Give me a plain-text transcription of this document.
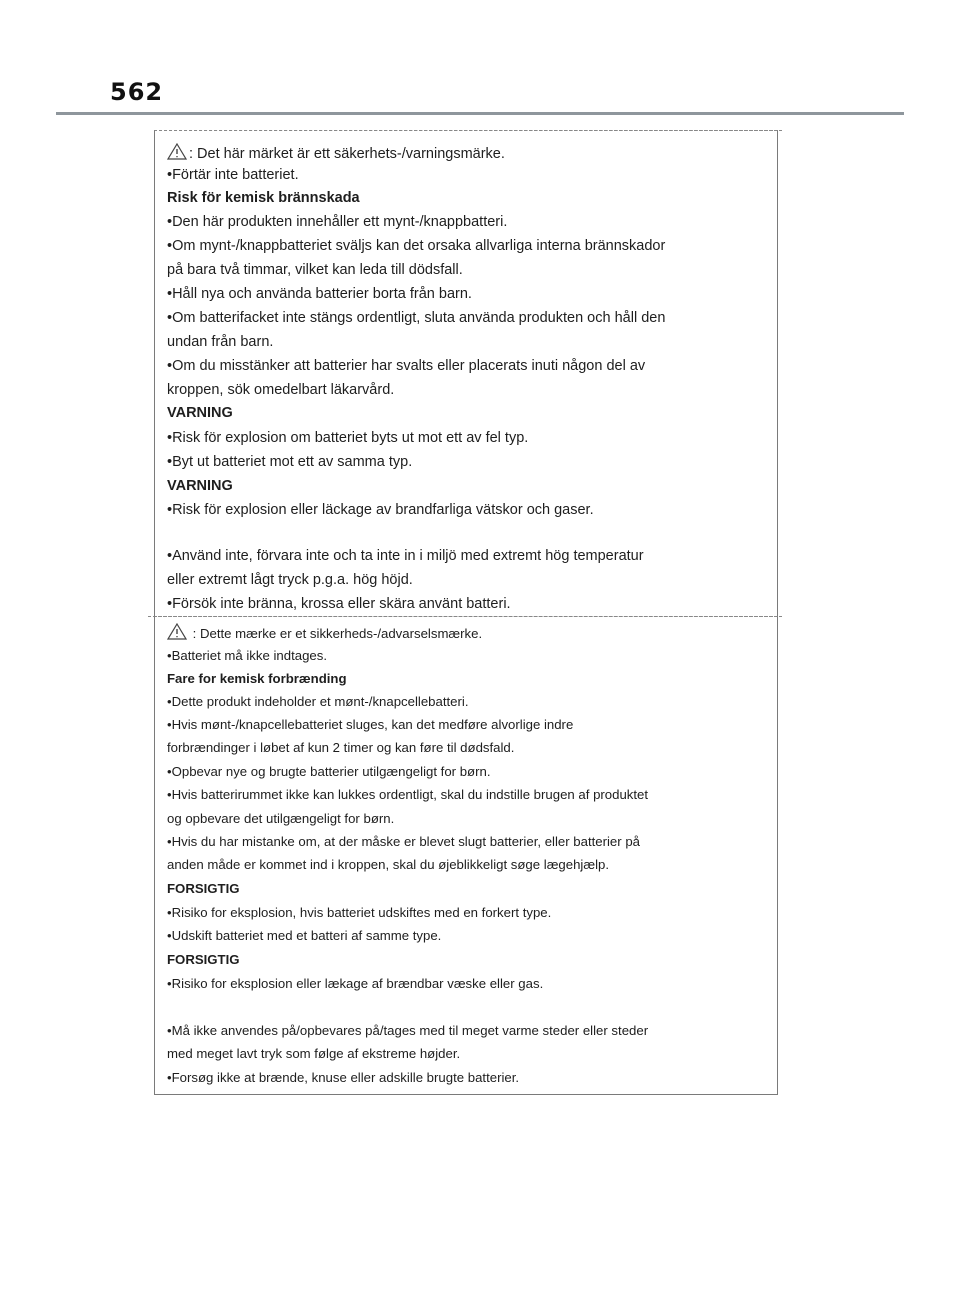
562
: Det här märket är ett säkerhets-/varningsmärke.
•Förtär inte batteriet.
Risk för kemisk brännskada
•Den här produkten innehåller ett mynt-/knappbatteri.
•Om mynt-/knappbatteriet sväljs kan det orsaka allvarliga interna brännskador
på bara två timmar, vilket kan leda till dödsfall.
•Håll nya och använda batterier borta från barn.
•Om batterifacket inte stängs ordentligt, sluta använda produkten och håll den
undan från barn.
•Om du misstänker att batterier har svalts eller placerats inuti någon del av
kroppen, sök omedelbart läkarvård.
VARNING
•Risk för explosion om batteriet byts ut mot ett av fel typ.
•Byt ut batteriet mot ett av samma typ.
VARNING
•Risk för explosion eller läckage av brandfarliga vätskor och gaser.
•Använd inte, förvara inte och ta inte in i miljö med extremt hög temperatur
eller extremt lågt tryck p.g.a. hög höjd.
•Försök inte bränna, krossa eller skära använt batteri.
: Dette mærke er et sikkerheds-/advarselsmærke.
•Batteriet må ikke indtages.
Fare for kemisk forbrænding
•Dette produkt indeholder et mønt-/knapcellebatteri.
•Hvis mønt-/knapcellebatteriet sluges, kan det medføre alvorlige indre
forbrændinger i løbet af kun 2 timer og kan føre til dødsfald.
•Opbevar nye og brugte batterier utilgængeligt for børn.
•Hvis batterirummet ikke kan lukkes ordentligt, skal du indstille brugen af produktet
og opbevare det utilgængeligt for børn.
•Hvis du har mistanke om, at der måske er blevet slugt batterier, eller batterier på
anden måde er kommet ind i kroppen, skal du øjeblikkeligt søge lægehjælp.
FORSIGTIG
•Risiko for eksplosion, hvis batteriet udskiftes med en forkert type.
•Udskift batteriet med et batteri af samme type.
FORSIGTIG
•Risiko for eksplosion eller lækage af brændbar væske eller gas.
•Må ikke anvendes på/opbevares på/tages med til meget varme steder eller steder
med meget lavt tryk som følge af ekstreme højder.
•Forsøg ikke at brænde, knuse eller adskille brugte batterier.
